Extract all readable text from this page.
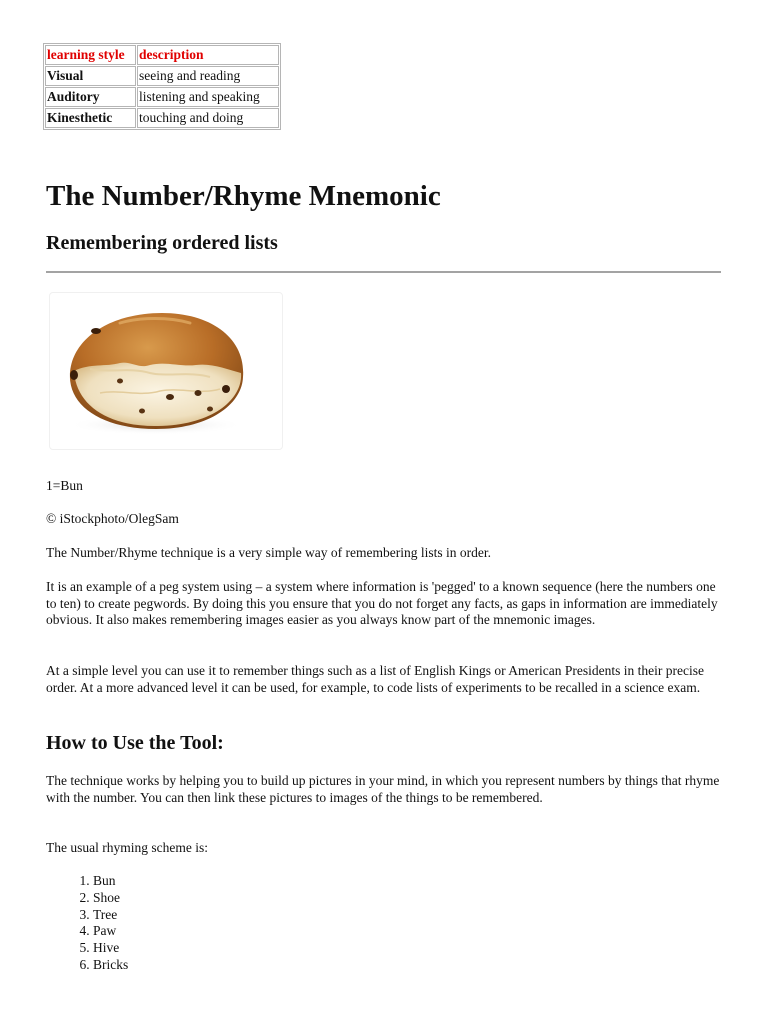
learning style	description
Visual	seeing and reading
Auditory	listening and speaking
Kinesthetic	touching and doing
The Number/Rhyme Mnemonic
Remembering ordered lists

1=Bun

© iStockphoto/OlegSam

The Number/Rhyme technique is a very simple way of remembering lists in order.

It is an example of a peg system using – a system where information is 'pegged' to a known sequence (here the numbers one to ten) to create pegwords. By doing this you ensure that you do not forget any facts, as gaps in information are immediately obvious. It also makes remembering images easier as you always know part of the mnemonic images.

At a simple level you can use it to remember things such as a list of English Kings or American Presidents in their precise order. At a more advanced level it can be used, for example, to code lists of experiments to be recalled in a science exam.

How to Use the Tool:

The technique works by helping you to build up pictures in your mind, in which you represent numbers by things that rhyme with the number. You can then link these pictures to images of the things to be remembered.

The usual rhyming scheme is:

1. Bun
2. Shoe
3. Tree
4. Paw
5. Hive
6. Bricks
